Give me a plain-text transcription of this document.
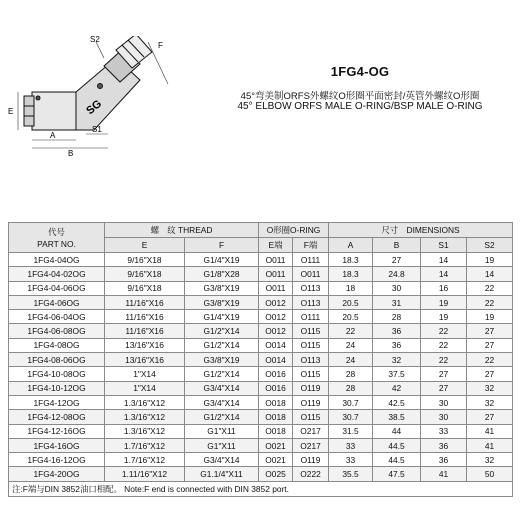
S2
F
E
S1
A
B
SG
1FG4-OG
45°弯美制ORFS外螺纹O形圈平面密封/英管外螺纹O形圈
45° ELBOW ORFS MALE O-RING/BSP MALE O-RING
代号
PART NO.	螺　纹 THREAD		O形圈O-RING		尺寸　DIMENSIONS			
	E	F	E端	F端	A	B	S1	S2
1FG4-04OG	9/16"X18	G1/4"X19	O011	O111	18.3	27	14	19
1FG4-04-02OG	9/16"X18	G1/8"X28	O011	O011	18.3	24.8	14	14
1FG4-04-06OG	9/16"X18	G3/8"X19	O011	O113	18	30	16	22
1FG4-06OG	11/16"X16	G3/8"X19	O012	O113	20.5	31	19	22
1FG4-06-04OG	11/16"X16	G1/4"X19	O012	O111	20.5	28	19	19
1FG4-06-08OG	11/16"X16	G1/2"X14	O012	O115	22	36	22	27
1FG4-08OG	13/16"X16	G1/2"X14	O014	O115	24	36	22	27
1FG4-08-06OG	13/16"X16	G3/8"X19	O014	O113	24	32	22	22
1FG4-10-08OG	1"X14	G1/2"X14	O016	O115	28	37.5	27	27
1FG4-10-12OG	1"X14	G3/4"X14	O016	O119	28	42	27	32
1FG4-12OG	1.3/16"X12	G3/4"X14	O018	O119	30.7	42.5	30	32
1FG4-12-08OG	1.3/16"X12	G1/2"X14	O018	O115	30.7	38.5	30	27
1FG4-12-16OG	1.3/16"X12	G1"X11	O018	O217	31.5	44	33	41
1FG4-16OG	1.7/16"X12	G1"X11	O021	O217	33	44.5	36	41
1FG4-16-12OG	1.7/16"X12	G3/4"X14	O021	O119	33	44.5	36	32
1FG4-20OG	1.11/16"X12	G1.1/4"X11	O025	O222	35.5	47.5	41	50
注:F端与DIN 3852油口相配。 Note:F end is connected with DIN 3852 port.								
